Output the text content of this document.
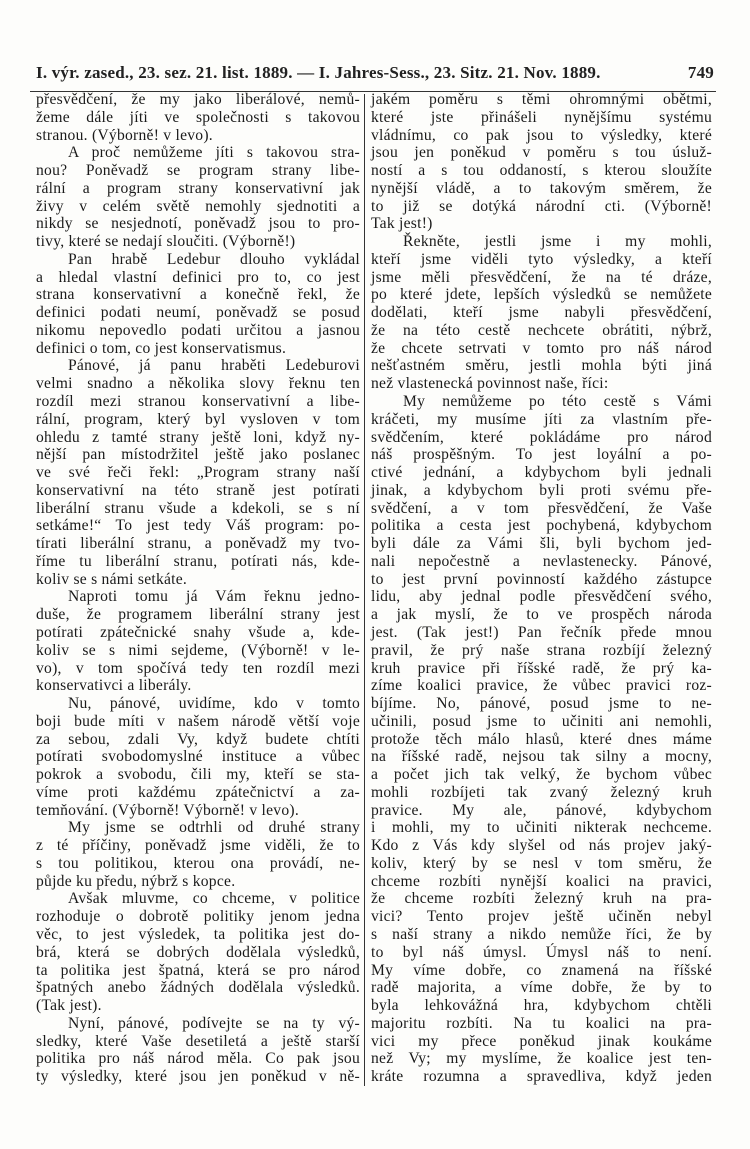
I. výr. zased., 23. sez. 21. list. 1889. — I. Jahres-Sess., 23. Sitz. 21. Nov. 1889.	749
přesvědčení, že my jako liberálové, nemů-
žeme dále jíti ve společnosti s takovou
stranou. (Výborně! v levo).
A proč nemůžeme jíti s takovou stra-
nou? Poněvadž se program strany libe-
rální a program strany konservativní jak
živy v celém světě nemohly sjednotiti a
nikdy se nesjednotí, poněvadž jsou to pro-
tivy, které se nedají sloučiti. (Výborně!)
Pan hrabě Ledebur dlouho vykládal
a hledal vlastní definici pro to, co jest
strana konservativní a konečně řekl, že
definici podati neumí, poněvadž se posud
nikomu nepovedlo podati určitou a jasnou
definici o tom, co jest konservatismus.
Pánové, já panu hraběti Ledeburovi
velmi snadno a několika slovy řeknu ten
rozdíl mezi stranou konservativní a libe-
rální, program, který byl vysloven v tom
ohledu z tamté strany ještě loni, když ny-
nější pan místodržitel ještě jako poslanec
ve své řeči řekl: „Program strany naší
konservativní na této straně jest potírati
liberální stranu všude a kdekoli, se s ní
setkáme!“ To jest tedy Váš program: po-
tírati liberální stranu, a poněvadž my tvo-
říme tu liberální stranu, potírati nás, kde-
koliv se s námi setkáte.
Naproti tomu já Vám řeknu jedno-
duše, že programem liberální strany jest
potírati zpátečnické snahy všude a, kde-
koliv se s nimi sejdeme, (Výborně! v le-
vo), v tom spočívá tedy ten rozdíl mezi
konservativci a liberály.
Nu, pánové, uvidíme, kdo v tomto
boji bude míti v našem národě větší voje
za sebou, zdali Vy, když budete chtíti
potírati svobodomyslné instituce a vůbec
pokrok a svobodu, čili my, kteří se sta-
víme proti každému zpátečnictví a za-
temňování. (Výborně! Výborně! v levo).
My jsme se odtrhli od druhé strany
z té příčiny, poněvadž jsme viděli, že to
s tou politikou, kterou ona provádí, ne-
půjde ku předu, nýbrž s kopce.
Avšak mluvme, co chceme, v politice
rozhoduje o dobrotě politiky jenom jedna
věc, to jest výsledek, ta politika jest do-
brá, která se dobrých dodělala výsledků,
ta politika jest špatná, která se pro národ
špatných anebo žádných dodělala výsledků.
(Tak jest).
Nyní, pánové, podívejte se na ty vý-
sledky, které Vaše desetiletá a ještě starší
politika pro náš národ měla. Co pak jsou
ty výsledky, které jsou jen poněkud v ně-
jakém poměru s těmi ohromnými obětmi,
které jste přinášeli nynějšímu systému
vládnímu, co pak jsou to výsledky, které
jsou jen poněkud v poměru s tou úsluž-
ností a s tou oddaností, s kterou sloužíte
nynější vládě, a to takovým směrem, že
to již se dotýká národní cti. (Výborně!
Tak jest!)
Řekněte, jestli jsme i my mohli,
kteří jsme viděli tyto výsledky, a kteří
jsme měli přesvědčení, že na té dráze,
po které jdete, lepších výsledků se nemůžete
dodělati, kteří jsme nabyli přesvědčení,
že na této cestě nechcete obrátiti, nýbrž,
že chcete setrvati v tomto pro náš národ
nešťastném směru, jestli mohla býti jiná
než vlastenecká povinnost naše, říci:
My nemůžeme po této cestě s Vámi
kráčeti, my musíme jíti za vlastním pře-
svědčením, které pokládáme pro národ
náš prospěšným. To jest loyální a po-
ctivé jednání, a kdybychom byli jednali
jinak, a kdybychom byli proti svému pře-
svědčení, a v tom přesvědčení, že Vaše
politika a cesta jest pochybená, kdybychom
byli dále za Vámi šli, byli bychom jed-
nali nepočestně a nevlastenecky. Pánové,
to jest první povinností každého zástupce
lidu, aby jednal podle přesvědčení svého,
a jak myslí, že to ve prospěch národa
jest. (Tak jest!) Pan řečník přede mnou
pravil, že prý naše strana rozbíjí železný
kruh pravice při říšské radě, že prý ka-
zíme koalici pravice, že vůbec pravici roz-
bíjíme. No, pánové, posud jsme to ne-
učinili, posud jsme to učiniti ani nemohli,
protože těch málo hlasů, které dnes máme
na říšské radě, nejsou tak silny a mocny,
a počet jich tak velký, že bychom vůbec
mohli rozbíjeti tak zvaný železný kruh
pravice. My ale, pánové, kdybychom
i mohli, my to učiniti nikterak nechceme.
Kdo z Vás kdy slyšel od nás projev jaký-
koliv, který by se nesl v tom směru, že
chceme rozbíti nynější koalici na pravici,
že chceme rozbíti železný kruh na pra-
vici? Tento projev ještě učiněn nebyl
s naší strany a nikdo nemůže říci, že by
to byl náš úmysl. Úmysl náš to není.
My víme dobře, co znamená na říšské
radě majorita, a víme dobře, že by to
byla lehkovážná hra, kdybychom chtěli
majoritu rozbíti. Na tu koalici na pra-
vici my přece poněkud jinak koukáme
než Vy; my myslíme, že koalice jest ten-
kráte rozumna a spravedliva, když jeden
